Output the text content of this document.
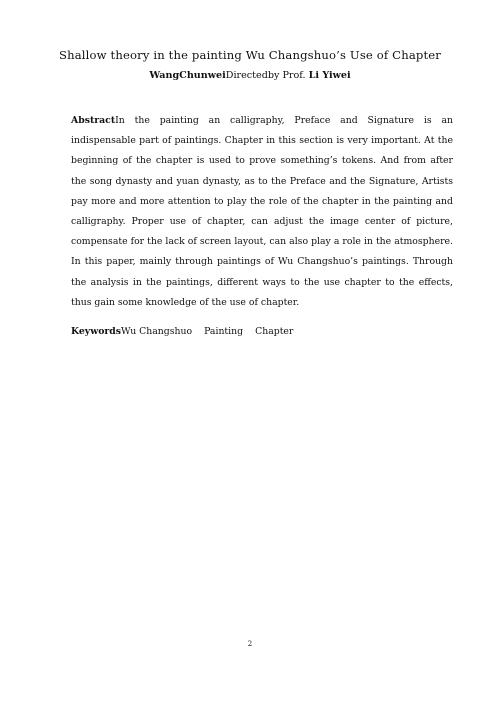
Shallow theory in the painting Wu Changshuo’s Use of Chapter
WangChunweiDirectedby Prof. Li Yiwei
AbstractIn the painting an calligraphy, Preface and Signature is an indispensable part of paintings. Chapter in this section is very important. At the beginning of the chapter is used to prove something’s tokens. And from after the song dynasty and yuan dynasty, as to the Preface and the Signature, Artists pay more and more attention to play the role of the chapter in the painting and calligraphy. Proper use of chapter, can adjust the image center of picture, compensate for the lack of screen layout, can also play a role in the atmosphere. In this paper, mainly through paintings of Wu Changshuo’s paintings. Through the analysis in the paintings, different ways to the use chapter to the effects, thus gain some knowledge of the use of chapter.
KeywordsWu Changshuo Painting Chapter
2
